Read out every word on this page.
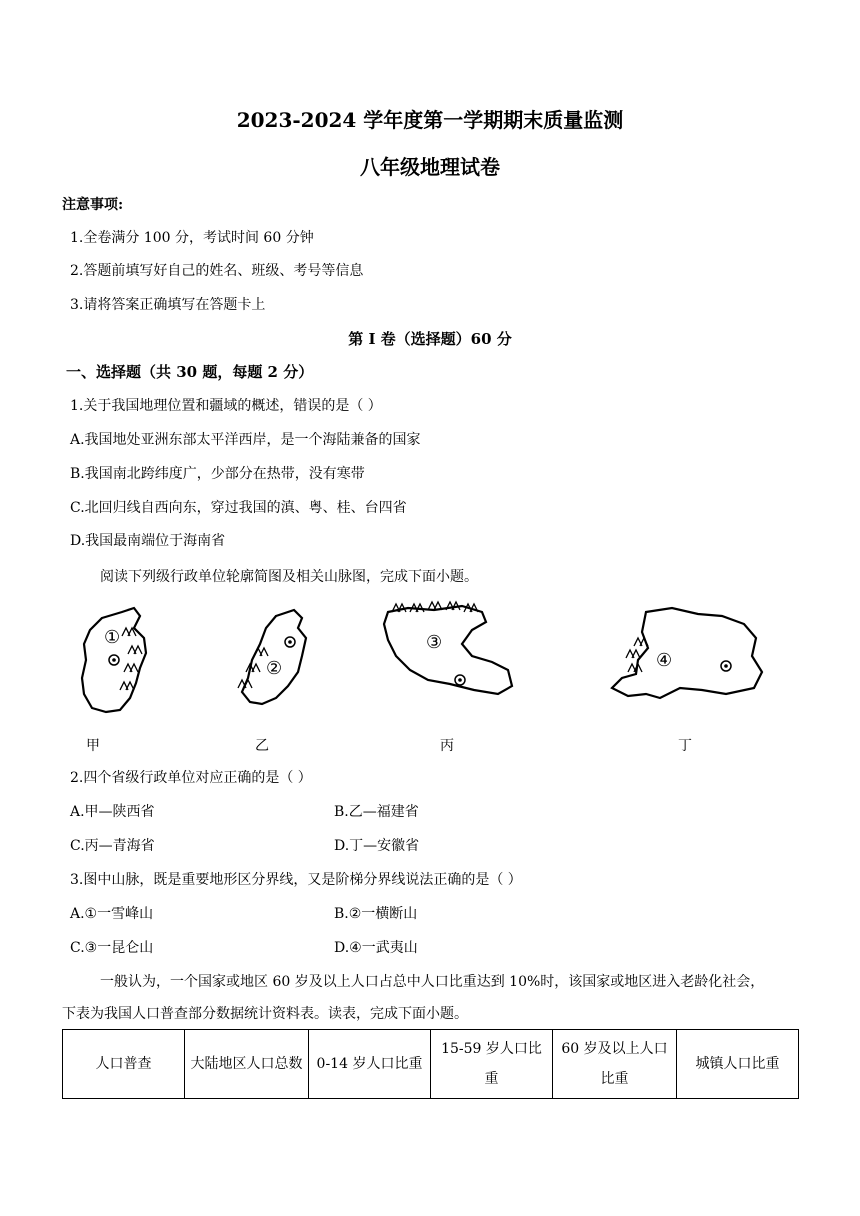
2023-2024 学年度第一学期期末质量监测
八年级地理试卷
注意事项:
1.全卷满分 100 分，考试时间 60 分钟
2.答题前填写好自己的姓名、班级、考号等信息
3.请将答案正确填写在答题卡上
第 I 卷（选择题）60 分
一、选择题（共 30 题，每题 2 分）
1.关于我国地理位置和疆域的概述，错误的是（ ）
A.我国地处亚洲东部太平洋西岸，是一个海陆兼备的国家
B.我国南北跨纬度广，少部分在热带，没有寒带
C.北回归线自西向东，穿过我国的滇、粤、桂、台四省
D.我国最南端位于海南省
阅读下列级行政单位轮廓简图及相关山脉图，完成下面小题。
①
②
③
④
甲	乙	丙	丁
2.四个省级行政单位对应正确的是（ ）
A.甲—陕西省	B.乙—福建省
C.丙—青海省	D.丁—安徽省
3.图中山脉，既是重要地形区分界线，又是阶梯分界线说法正确的是（ ）
A.①一雪峰山	B.②一横断山
C.③一昆仑山	D.④一武夷山
一般认为，一个国家或地区 60 岁及以上人口占总中人口比重达到 10%时，该国家或地区进入老龄化社会，
下表为我国人口普查部分数据统计资料表。读表，完成下面小题。
人口普查	大陆地区人口总数	0-14 岁人口比重	15-59 岁人口比重	60 岁及以上人口比重	城镇人口比重
